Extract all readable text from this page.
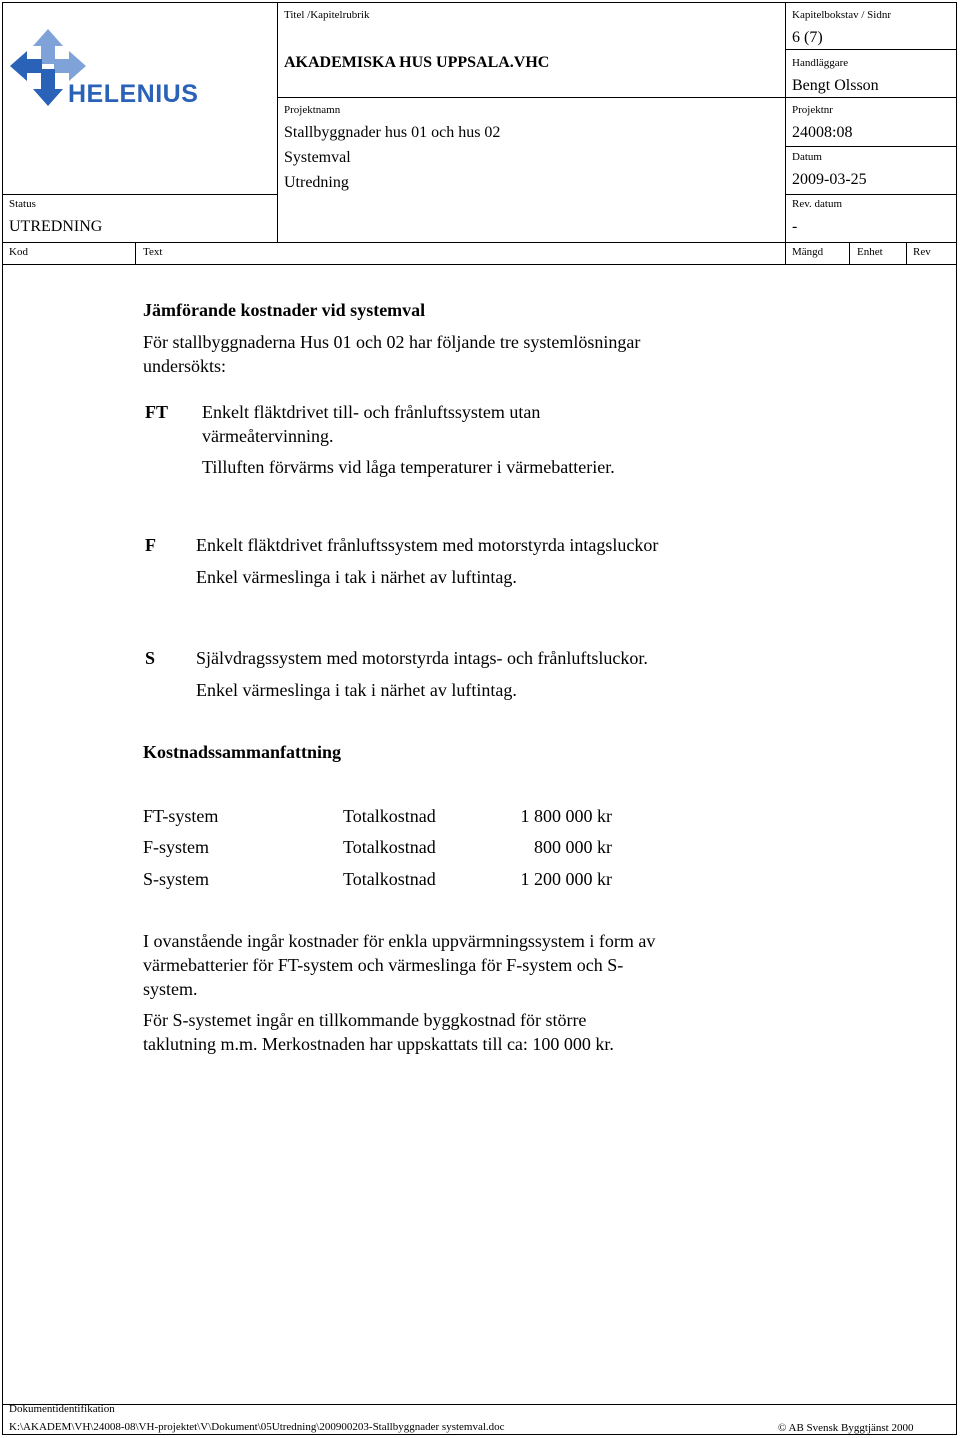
HELENIUS
Titel /Kapitelrubrik
AKADEMISKA HUS UPPSALA.VHC
Kapitelbokstav / Sidnr
6 (7)
Handläggare
Bengt Olsson
Projektnamn
Stallbyggnader hus 01 och hus 02
Systemval
Utredning
Projektnr
24008:08
Datum
2009-03-25
Status
UTREDNING
Rev. datum
-
Kod	Text	Mängd	Enhet	Rev
Jämförande kostnader vid systemval
För stallbyggnaderna Hus 01 och 02 har följande tre systemlösningar
undersökts:
FT Enkelt fläktdrivet till- och frånluftssystem utan
värmeåtervinning.
Tilluften förvärms vid låga temperaturer i värmebatterier.
F Enkelt fläktdrivet frånluftssystem med motorstyrda intagsluckor
Enkel värmeslinga i tak i närhet av luftintag.
S Självdragssystem med motorstyrda intags- och frånluftsluckor.
Enkel värmeslinga i tak i närhet av luftintag.
Kostnadssammanfattning
FT-system	Totalkostnad	1 800 000 kr
F-system	Totalkostnad	800 000 kr
S-system	Totalkostnad	1 200 000 kr
I ovanstående ingår kostnader för enkla uppvärmningssystem i form av
värmebatterier för FT-system och värmeslinga för F-system och S-
system.
För S-systemet ingår en tillkommande byggkostnad för större
taklutning m.m. Merkostnaden har uppskattats till ca: 100 000 kr.
Dokumentidentifikation
K:\AKADEM\VH\24008-08\VH-projektet\V\Dokument\05Utredning\200900203-Stallbyggnader systemval.doc	© AB Svensk Byggtjänst 2000
